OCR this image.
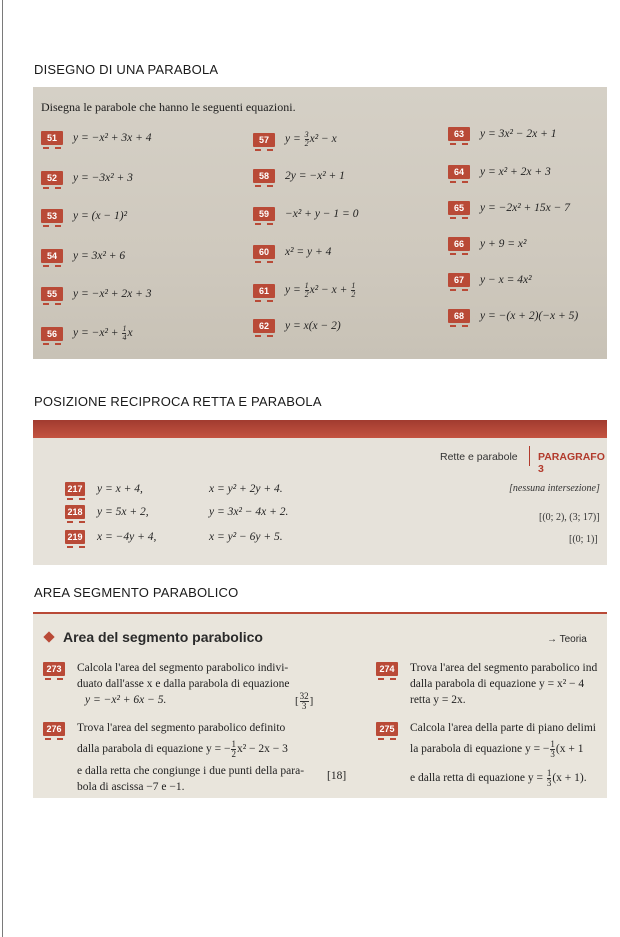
DISEGNO DI UNA PARABOLA
Disegna le parabole che hanno le seguenti equazioni.
51	y = −x² + 3x + 4
52	y = −3x² + 3
53	y = (x − 1)²
54	y = 3x² + 6
55	y = −x² + 2x + 3
56	$y = -x^2 + \frac{1}{4}$ x
57	$y = \frac{3}{2} x^2 - x$
58	2y = −x² + 1
59	−x² + y − 1 = 0
60	x² = y + 4
61	$y = \frac{1}{2} x^2 - x + \frac{1}{2}$
62	y = x(x − 2)
63	y = 3x² − 2x + 1
64	y = x² + 2x + 3
65	y = −2x² + 15x − 7
66	y + 9 = x²
67	y − x = 4x²
68	y = −(x + 2)(−x + 5)
POSIZIONE RECIPROCA RETTA E PARABOLA
Rette e parabole PARAGRAFO 3
217 y = x + 4,	x = y² + 2y + 4.	[nessuna intersezione]
218 y = 5x + 2,	y = 3x² − 4x + 2.	[(0; 2), (3; 17)]
219 x = −4y + 4,	x = y² − 6y + 5.	[(0; 1)]
AREA SEGMENTO PARABOLICO
Area del segmento parabolico	→ Teoria
273	Calcola l'area del segmento parabolico indivi-
duato dall'asse x e dalla parabola di equazione
y = −x² + 6x − 5.	[ $\frac{32}{3}$ ]
274	Trova l'area del segmento parabolico ind
dalla parabola di equazione y = x² − 4
retta y = 2x.
276	Trova l'area del segmento parabolico definito
dalla parabola di equazione y = − $\frac{1}{2} x^2 - 2x - 3$
e dalla retta che congiunge i due punti della para-
bola di ascissa −7 e −1.
[18]
275	Calcola l'area della parte di piano delimi
la parabola di equazione y = − $\frac{1}{3} (x + 1$
e dalla retta di equazione $y = \frac{1}{3} (x + 1)$.
